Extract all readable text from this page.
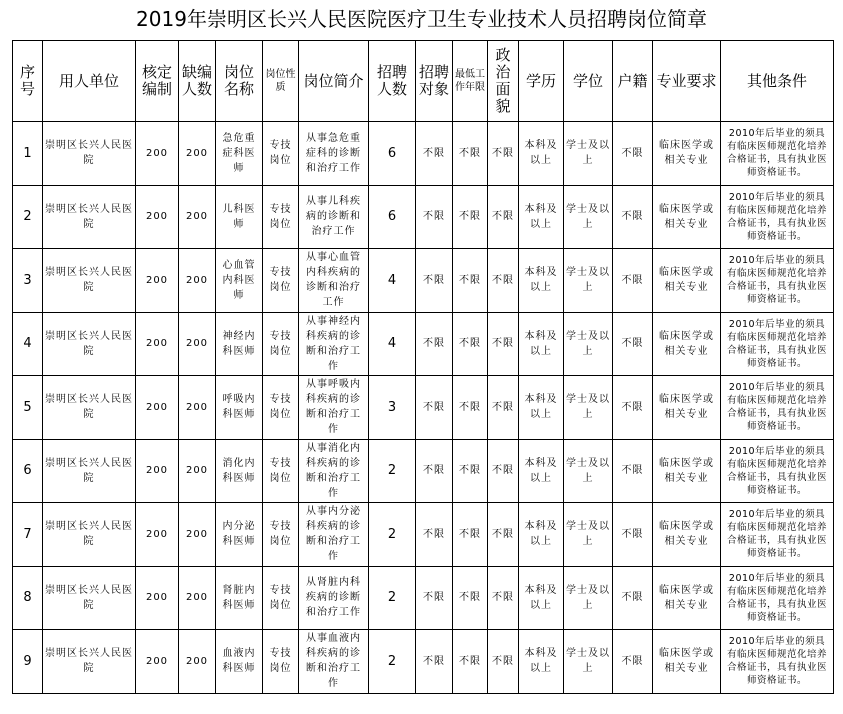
2019年崇明区长兴人民医院医疗卫生专业技术人员招聘岗位简章
序号	用人单位	核定编制	缺编人数	岗位名称	岗位性质	岗位简介	招聘人数	招聘对象	最低工作年限	政治面貌	学历	学位	户籍	专业要求	其他条件
1	崇明区长兴人民医院	200	200	急危重症科医师	专技岗位	从事急危重症科的诊断和治疗工作	6	不限	不限	不限	本科及以上	学士及以上	不限	临床医学或相关专业	2010年后毕业的须具有临床医师规范化培养合格证书，具有执业医师资格证书。
2	崇明区长兴人民医院	200	200	儿科医师	专技岗位	从事儿科疾病的诊断和治疗工作	6	不限	不限	不限	本科及以上	学士及以上	不限	临床医学或相关专业	2010年后毕业的须具有临床医师规范化培养合格证书，具有执业医师资格证书。
3	崇明区长兴人民医院	200	200	心血管内科医师	专技岗位	从事心血管内科疾病的诊断和治疗工作	4	不限	不限	不限	本科及以上	学士及以上	不限	临床医学或相关专业	2010年后毕业的须具有临床医师规范化培养合格证书，具有执业医师资格证书。
4	崇明区长兴人民医院	200	200	神经内科医师	专技岗位	从事神经内科疾病的诊断和治疗工作	4	不限	不限	不限	本科及以上	学士及以上	不限	临床医学或相关专业	2010年后毕业的须具有临床医师规范化培养合格证书，具有执业医师资格证书。
5	崇明区长兴人民医院	200	200	呼吸内科医师	专技岗位	从事呼吸内科疾病的诊断和治疗工作	3	不限	不限	不限	本科及以上	学士及以上	不限	临床医学或相关专业	2010年后毕业的须具有临床医师规范化培养合格证书，具有执业医师资格证书。
6	崇明区长兴人民医院	200	200	消化内科医师	专技岗位	从事消化内科疾病的诊断和治疗工作	2	不限	不限	不限	本科及以上	学士及以上	不限	临床医学或相关专业	2010年后毕业的须具有临床医师规范化培养合格证书，具有执业医师资格证书。
7	崇明区长兴人民医院	200	200	内分泌科医师	专技岗位	从事内分泌科疾病的诊断和治疗工作	2	不限	不限	不限	本科及以上	学士及以上	不限	临床医学或相关专业	2010年后毕业的须具有临床医师规范化培养合格证书，具有执业医师资格证书。
8	崇明区长兴人民医院	200	200	肾脏内科医师	专技岗位	从肾脏内科疾病的诊断和治疗工作	2	不限	不限	不限	本科及以上	学士及以上	不限	临床医学或相关专业	2010年后毕业的须具有临床医师规范化培养合格证书，具有执业医师资格证书。
9	崇明区长兴人民医院	200	200	血液内科医师	专技岗位	从事血液内科疾病的诊断和治疗工作	2	不限	不限	不限	本科及以上	学士及以上	不限	临床医学或相关专业	2010年后毕业的须具有临床医师规范化培养合格证书，具有执业医师资格证书。
